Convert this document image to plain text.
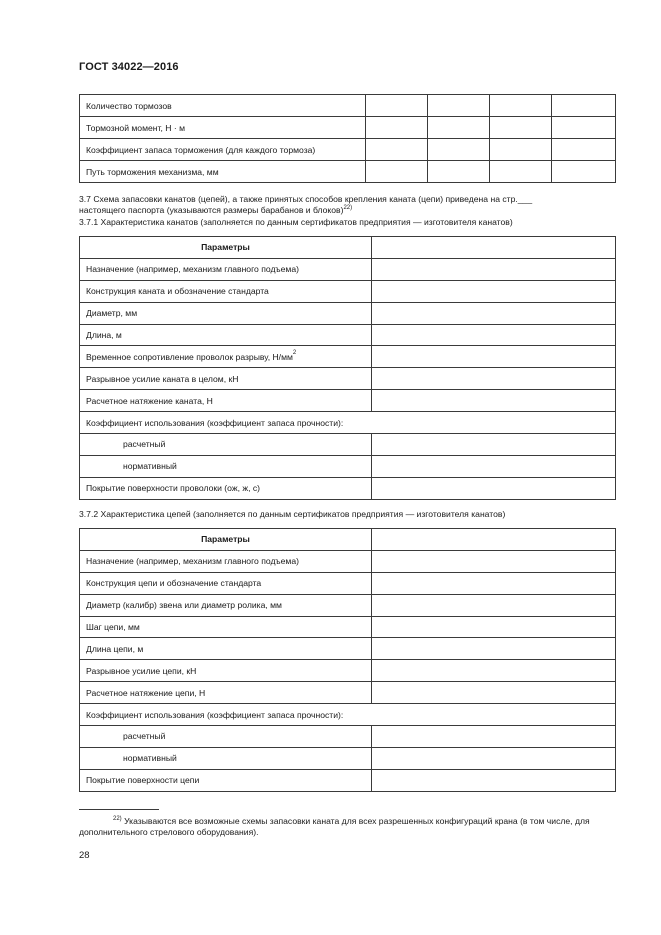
ГОСТ 34022—2016
Количество тормозов				
Тормозной момент, Н · м				
Коэффициент запаса торможения (для каждого тормоза)				
Путь торможения механизма, мм				
3.7 Схема запасовки канатов (цепей), а также принятых способов крепления каната (цепи) приведена на стр.___
настоящего паспорта (указываются размеры барабанов и блоков)$^{22)}$
3.7.1 Характеристика канатов (заполняется по данным сертификатов предприятия — изготовителя канатов)
Параметры	
Назначение (например, механизм главного подъема)	
Конструкция каната и обозначение стандарта	
Диаметр, мм	
Длина, м	
Временное сопротивление проволок разрыву, Н/мм$^2$	
Разрывное усилие каната в целом, кН	
Расчетное натяжение каната, Н	
Коэффициент использования (коэффициент запаса прочности):	
расчетный	
нормативный	
Покрытие поверхности проволоки (ож, ж, с)	
3.7.2 Характеристика цепей (заполняется по данным сертификатов предприятия — изготовителя канатов)
Параметры	
Назначение (например, механизм главного подъема)	
Конструкция цепи и обозначение стандарта	
Диаметр (калибр) звена или диаметр ролика, мм	
Шаг цепи, мм	
Длина цепи, м	
Разрывное усилие цепи, кН	
Расчетное натяжение цепи, Н	
Коэффициент использования (коэффициент запаса прочности):	
расчетный	
нормативный	
Покрытие поверхности цепи	
$^{22)}$ Указываются все возможные схемы запасовки каната для всех разрешенных конфигураций крана (в том числе, для дополнительного стрелового оборудования).
28
